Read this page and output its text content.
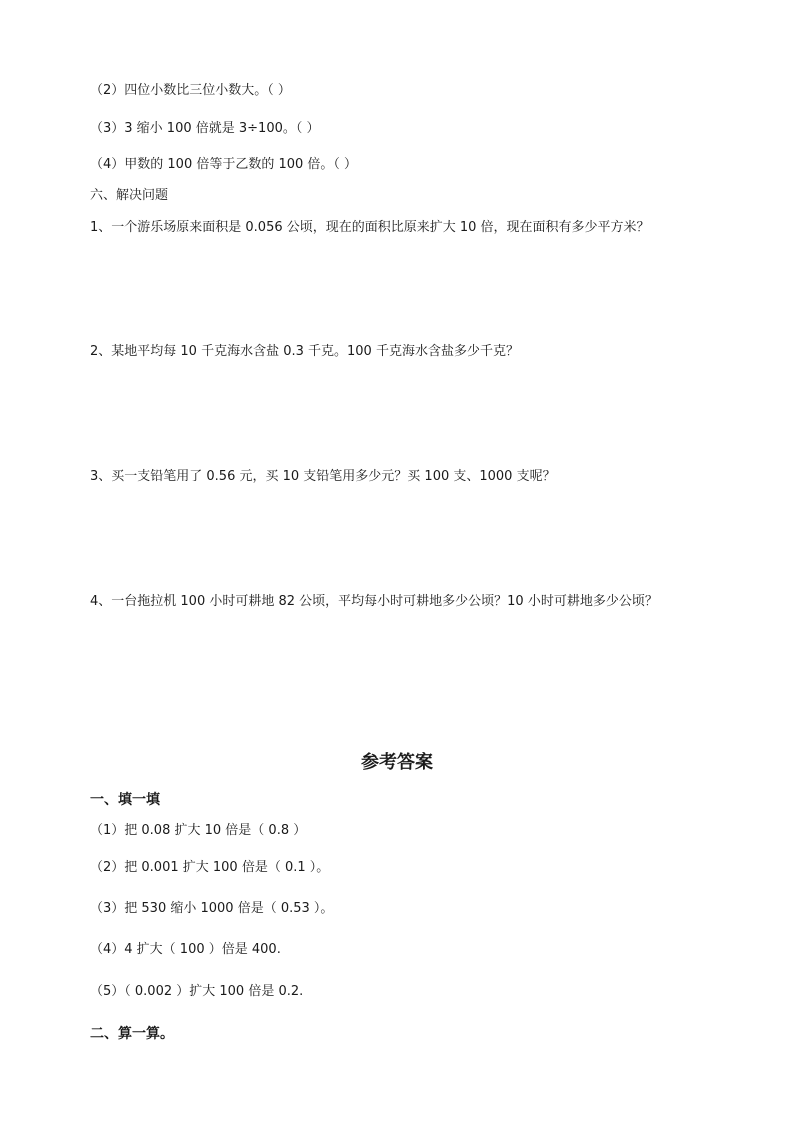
（2）四位小数比三位小数大。（ ）
（3）3 缩小 100 倍就是 3÷100。（ ）
（4）甲数的 100 倍等于乙数的 100 倍。（ ）
六、解决问题
1、一个游乐场原来面积是 0.056 公顷，现在的面积比原来扩大 10 倍，现在面积有多少平方米？
2、某地平均每 10 千克海水含盐 0.3 千克。100 千克海水含盐多少千克？
3、买一支铅笔用了 0.56 元，买 10 支铅笔用多少元？买 100 支、1000 支呢？
4、一台拖拉机 100 小时可耕地 82 公顷，平均每小时可耕地多少公顷？10 小时可耕地多少公顷？
参考答案
一、填一填
（1）把 0.08 扩大 10 倍是（ 0.8 ）
（2）把 0.001 扩大 100 倍是（ 0.1 ）。
（3）把 530 缩小 1000 倍是（ 0.53 ）。
（4）4 扩大（ 100 ）倍是 400.
（5）（ 0.002 ）扩大 100 倍是 0.2.
二、算一算。
